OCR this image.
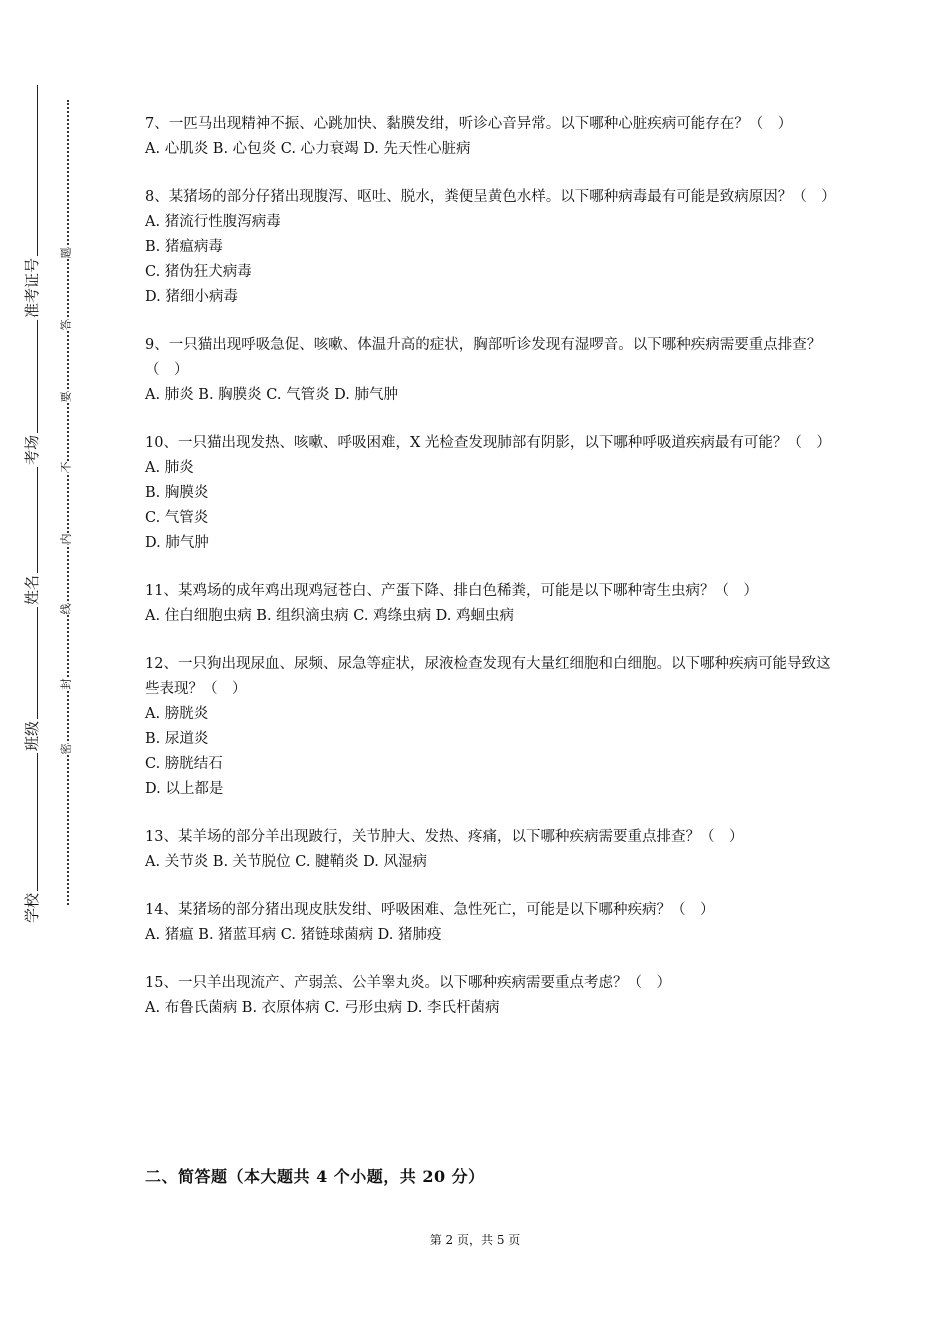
学校
班级
姓名
考场
准考证号
密
封
线
内
不
要
答
题
7、一匹马出现精神不振、心跳加快、黏膜发绀，听诊心音异常。以下哪种心脏疾病可能存在？（　）
A. 心肌炎 B. 心包炎 C. 心力衰竭 D. 先天性心脏病
8、某猪场的部分仔猪出现腹泻、呕吐、脱水，粪便呈黄色水样。以下哪种病毒最有可能是致病原因？（　）
A. 猪流行性腹泻病毒
B. 猪瘟病毒
C. 猪伪狂犬病毒
D. 猪细小病毒
9、一只猫出现呼吸急促、咳嗽、体温升高的症状，胸部听诊发现有湿啰音。以下哪种疾病需要重点排查？（　）
A. 肺炎 B. 胸膜炎 C. 气管炎 D. 肺气肿
10、一只猫出现发热、咳嗽、呼吸困难，X 光检查发现肺部有阴影，以下哪种呼吸道疾病最有可能？（　）
A. 肺炎
B. 胸膜炎
C. 气管炎
D. 肺气肿
11、某鸡场的成年鸡出现鸡冠苍白、产蛋下降、排白色稀粪，可能是以下哪种寄生虫病？（　）
A. 住白细胞虫病 B. 组织滴虫病 C. 鸡绦虫病 D. 鸡蛔虫病
12、一只狗出现尿血、尿频、尿急等症状，尿液检查发现有大量红细胞和白细胞。以下哪种疾病可能导致这些表现？（　）
A. 膀胱炎
B. 尿道炎
C. 膀胱结石
D. 以上都是
13、某羊场的部分羊出现跛行，关节肿大、发热、疼痛，以下哪种疾病需要重点排查？（　）
A. 关节炎 B. 关节脱位 C. 腱鞘炎 D. 风湿病
14、某猪场的部分猪出现皮肤发绀、呼吸困难、急性死亡，可能是以下哪种疾病？（　）
A. 猪瘟 B. 猪蓝耳病 C. 猪链球菌病 D. 猪肺疫
15、一只羊出现流产、产弱羔、公羊睾丸炎。以下哪种疾病需要重点考虑？（　）
A. 布鲁氏菌病 B. 衣原体病 C. 弓形虫病 D. 李氏杆菌病
二、简答题（本大题共 4 个小题，共 20 分）
第 2 页，共 5 页
